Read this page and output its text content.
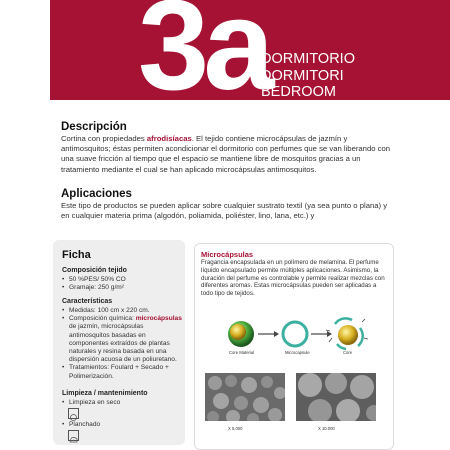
3a
DORMITORIO
DORMITORI
BEDROOM
Descripción
Cortina con propiedades afrodisíacas. El tejido contiene microcápsulas de jazmín y antimosquitos; éstas permiten acondicionar el dormitorio con perfumes que se van liberando con una suave fricción al tiempo que el espacio se mantiene libre de mosquitos gracias a un tratamiento mediante el cual se han aplicado microcápsulas antimosquitos.
Aplicaciones
Este tipo de productos se pueden aplicar sobre cualquier sustrato textil (ya sea punto o plana) y en cualquier materia prima (algodón, poliamida, poliéster, lino, lana, etc.) y
Ficha
Composición tejido
• 50 %PES/ 50% CO
• Gramaje: 250 g/m²
Características
• Medidas: 100 cm x 220 cm.
• Composición química: microcápsulas de jazmín, microcápsulas antimosquitos basadas en componentes extraídos de plantas naturales y resina basada en una dispersión acuosa de un poliuretano.
• Tratamientos: Foulard + Secado + Polimerización.
Limpieza / mantenimiento
• Limpieza en seco
• Planchado
Microcápsulas
Fragancia encapsulada en un polímero de melamina. El perfume líquido encapsulado permite múltiples aplicaciones. Asimismo, la duración del perfume es controlable y permite realizar mezclas con diferentes aromas. Estas microcápsulas pueden ser aplicadas a todo tipo de tejidos.
Core Material	Microcapsule	Core
X 5.000	X 10.000
